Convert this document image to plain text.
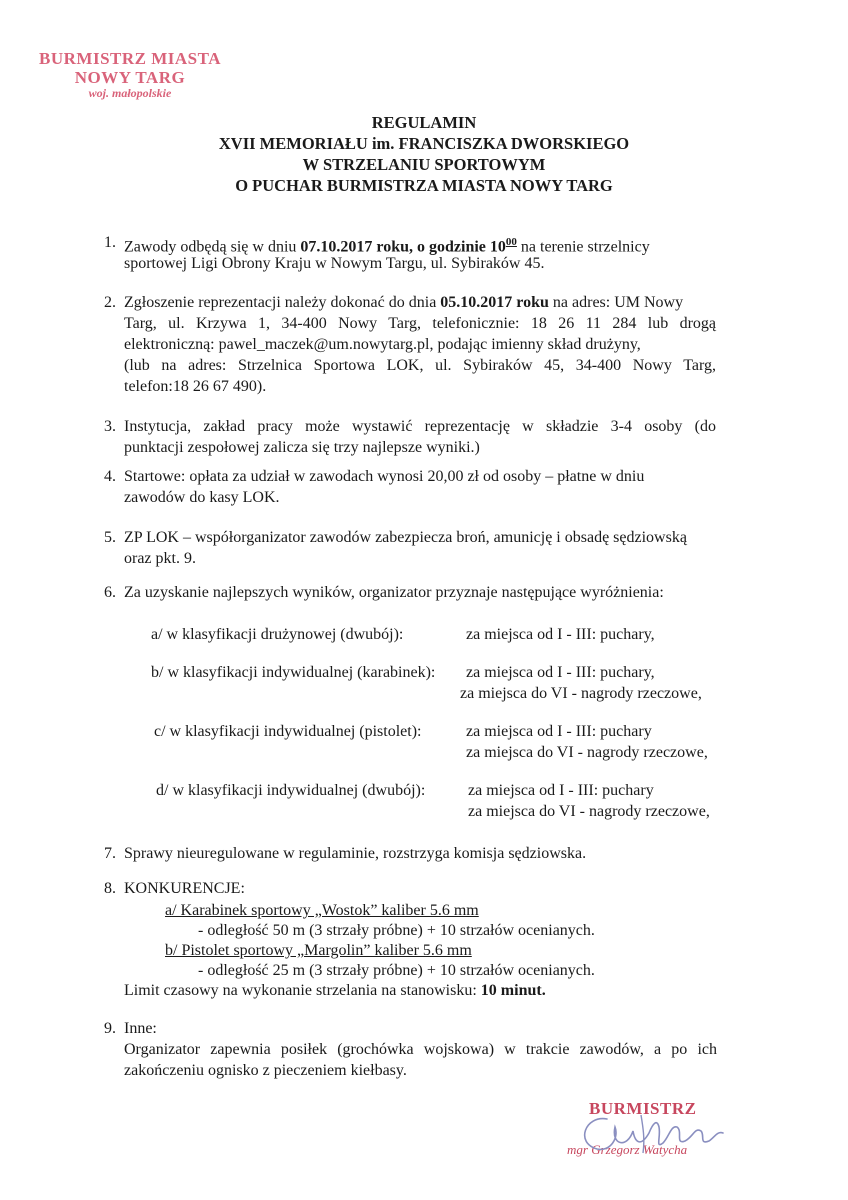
BURMISTRZ MIASTA
NOWY TARG
woj. małopolskie
REGULAMIN
XVII MEMORIAŁU im. FRANCISZKA DWORSKIEGO
W STRZELANIU SPORTOWYM
O PUCHAR BURMISTRZA MIASTA NOWY TARG
1. Zawody odbędą się w dniu 07.10.2017 roku, o godzinie $10^{00}$ na terenie strzelnicy
sportowej Ligi Obrony Kraju w Nowym Targu, ul. Sybiraków 45.
2. Zgłoszenie reprezentacji należy dokonać do dnia 05.10.2017 roku na adres: UM Nowy
Targ, ul. Krzywa 1, 34-400 Nowy Targ, telefonicznie: 18 26 11 284 lub drogą
elektroniczną: pawel_maczek@um.nowytarg.pl, podając imienny skład drużyny,
(lub na adres: Strzelnica Sportowa LOK, ul. Sybiraków 45, 34-400 Nowy Targ,
telefon:18 26 67 490).
3. Instytucja, zakład pracy może wystawić reprezentację w składzie 3-4 osoby (do
punktacji zespołowej zalicza się trzy najlepsze wyniki.)
4. Startowe: opłata za udział w zawodach wynosi 20,00 zł od osoby – płatne w dniu
zawodów do kasy LOK.
5. ZP LOK – współorganizator zawodów zabezpiecza broń, amunicję i obsadę sędziowską
oraz pkt. 9.
6. Za uzyskanie najlepszych wyników, organizator przyznaje następujące wyróżnienia:
a/ w klasyfikacji drużynowej (dwubój):	za miejsca od I - III: puchary,
b/ w klasyfikacji indywidualnej (karabinek): za miejsca od I - III: puchary,
za miejsca do VI - nagrody rzeczowe,
c/ w klasyfikacji indywidualnej (pistolet):	za miejsca od I - III: puchary
za miejsca do VI - nagrody rzeczowe,
d/ w klasyfikacji indywidualnej (dwubój):	za miejsca od I - III: puchary
za miejsca do VI - nagrody rzeczowe,
7. Sprawy nieuregulowane w regulaminie, rozstrzyga komisja sędziowska.
8. KONKURENCJE:
a/ Karabinek sportowy „Wostok” kaliber 5.6 mm
- odległość 50 m (3 strzały próbne) + 10 strzałów ocenianych.
b/ Pistolet sportowy „Margolin” kaliber 5.6 mm
- odległość 25 m (3 strzały próbne) + 10 strzałów ocenianych.
Limit czasowy na wykonanie strzelania na stanowisku: 10 minut.
9. Inne:
Organizator zapewnia posiłek (grochówka wojskowa) w trakcie zawodów, a po ich
zakończeniu ognisko z pieczeniem kiełbasy.
BURMISTRZ
mgr Grzegorz Watycha
